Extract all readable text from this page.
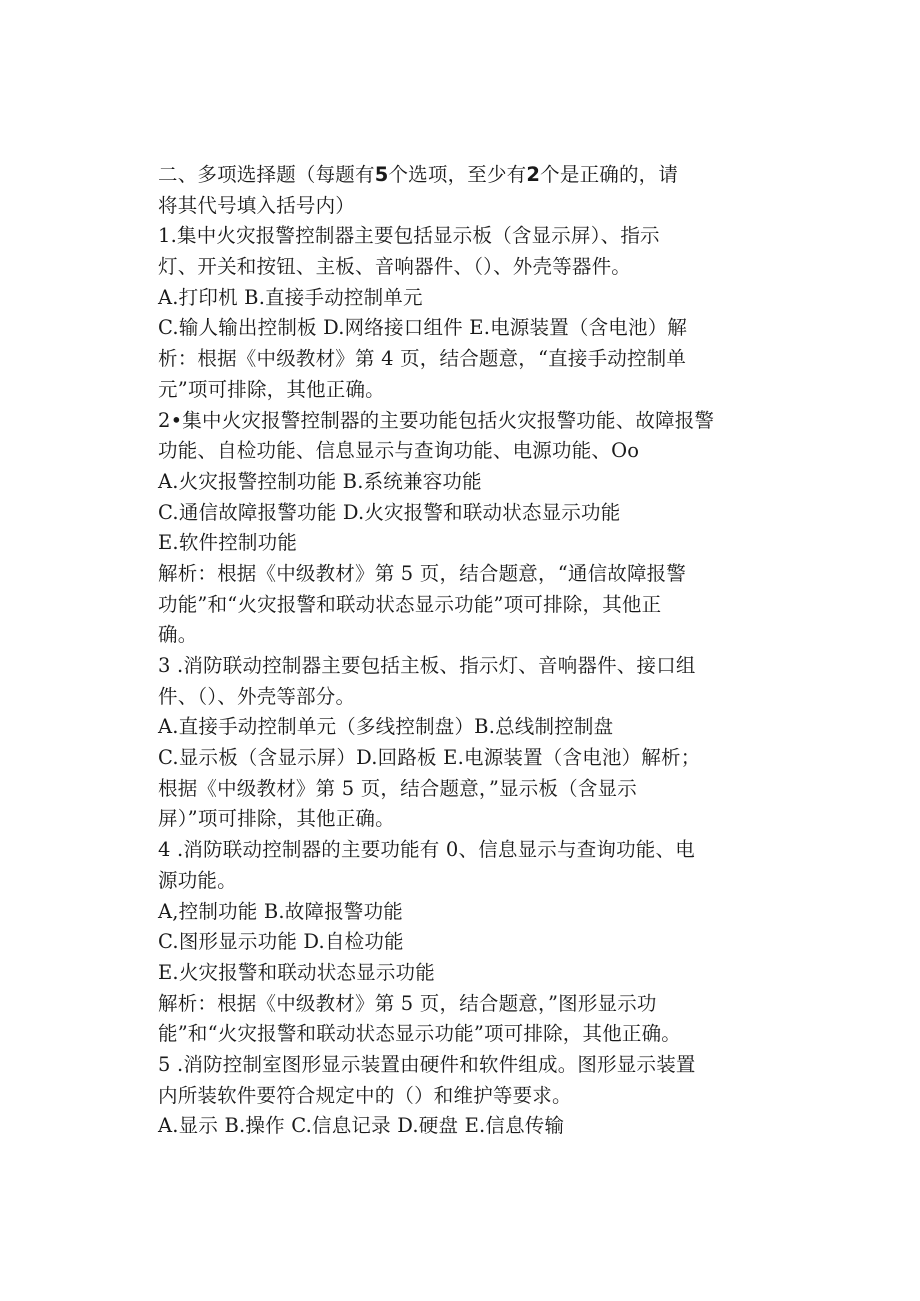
二、多项选择题（每题有5个选项，至少有2个是正确的，请
将其代号填入括号内）
1.集中火灾报警控制器主要包括显示板（含显示屏）、指示
灯、开关和按钮、主板、音响器件、（）、外壳等器件。
A.打印机 B.直接手动控制单元
C.输人输出控制板 D.网络接口组件 E.电源装置（含电池）解
析：根据《中级教材》第 4 页，结合题意，“直接手动控制单
元”项可排除，其他正确。
2•集中火灾报警控制器的主要功能包括火灾报警功能、故障报警
功能、自检功能、信息显示与查询功能、电源功能、Oo
A.火灾报警控制功能 B.系统兼容功能
C.通信故障报警功能 D.火灾报警和联动状态显示功能
E.软件控制功能
解析：根据《中级教材》第 5 页，结合题意，“通信故障报警
功能”和“火灾报警和联动状态显示功能”项可排除，其他正
确。
3 .消防联动控制器主要包括主板、指示灯、音响器件、接口组
件、（）、外壳等部分。
A.直接手动控制单元（多线控制盘）B.总线制控制盘
C.显示板（含显示屏）D.回路板 E.电源装置（含电池）解析；
根据《中级教材》第 5 页，结合题意，”显示板（含显示
屏）”项可排除，其他正确。
4 .消防联动控制器的主要功能有 0、信息显示与查询功能、电
源功能。
A,控制功能 B.故障报警功能
C.图形显示功能 D.自检功能
E.火灾报警和联动状态显示功能
解析：根据《中级教材》第 5 页，结合题意，”图形显示功
能”和“火灾报警和联动状态显示功能”项可排除，其他正确。
5 .消防控制室图形显示装置由硬件和软件组成。图形显示装置
内所装软件要符合规定中的（）和维护等要求。
A.显示 B.操作 C.信息记录 D.硬盘 E.信息传输
